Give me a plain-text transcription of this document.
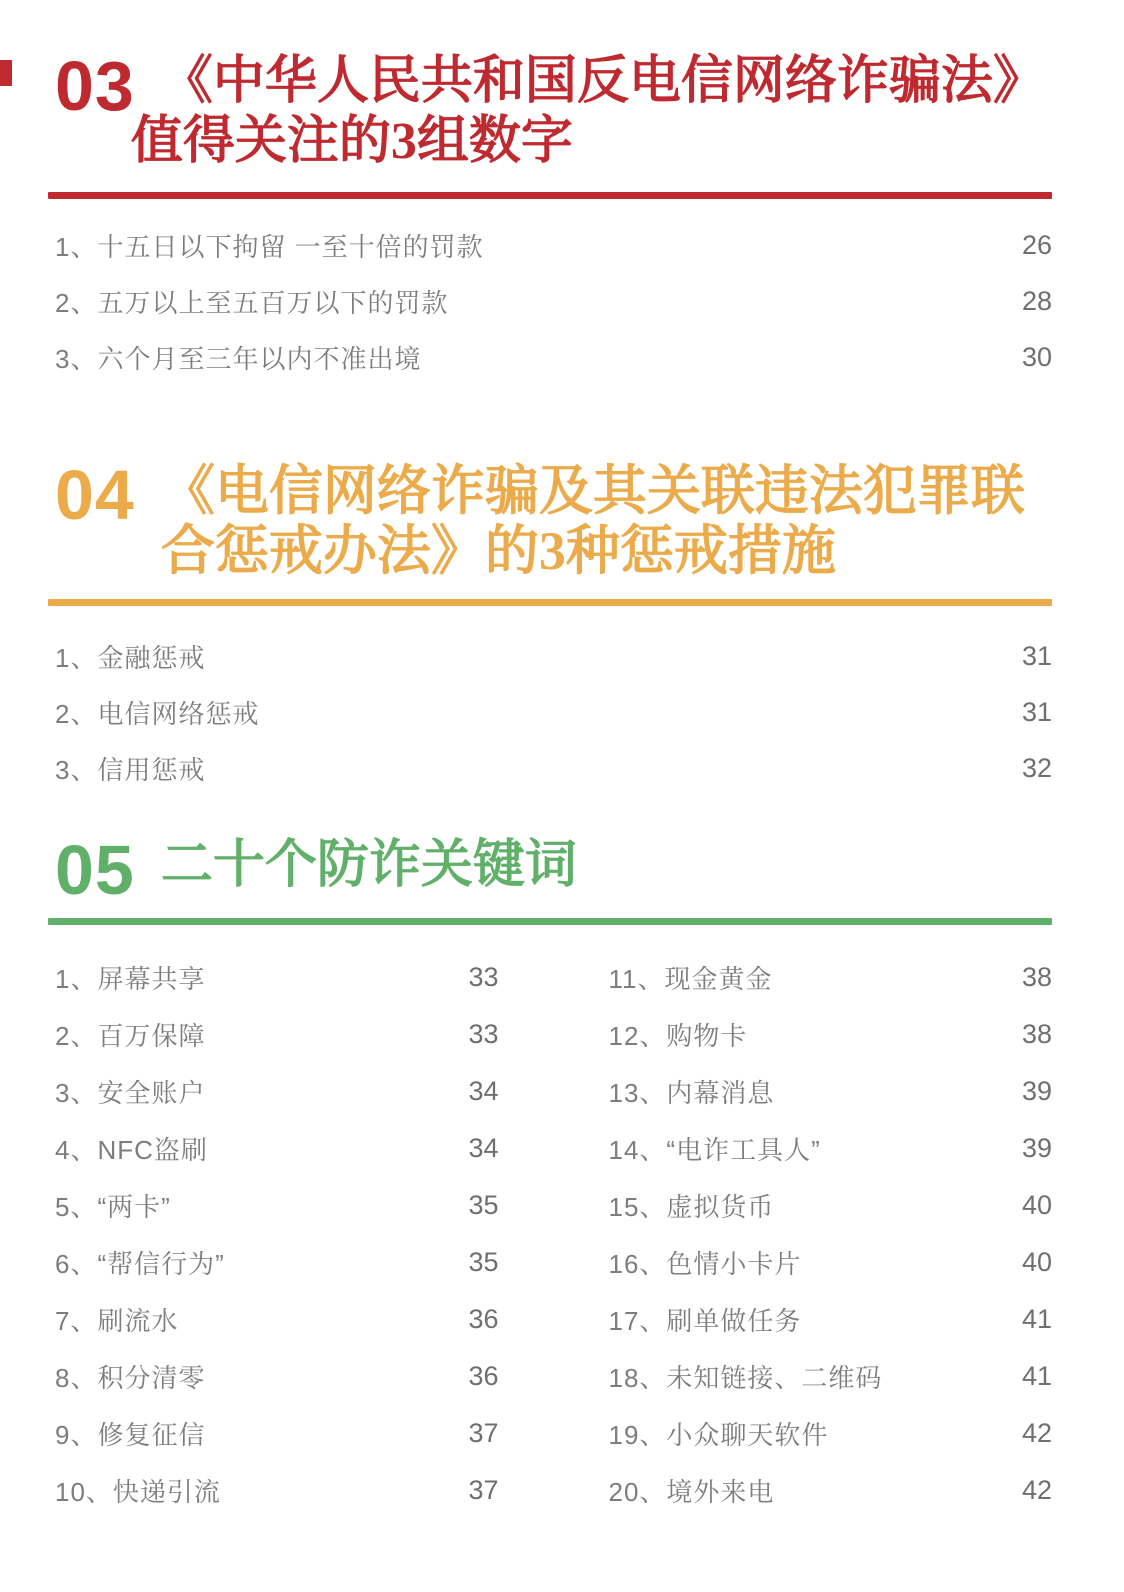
03 《中华人民共和国反电信网络诈骗法》
值得关注的3组数字
1、十五日以下拘留 一至十倍的罚款	26
2、五万以上至五百万以下的罚款	28
3、六个月至三年以内不准出境	30
04 《电信网络诈骗及其关联违法犯罪联
合惩戒办法》的3种惩戒措施
1、金融惩戒	31
2、电信网络惩戒	31
3、信用惩戒	32
05 二十个防诈关键词
1、屏幕共享	33
2、百万保障	33
3、安全账户	34
4、NFC盗刷	34
5、“两卡”	35
6、“帮信行为”	35
7、刷流水	36
8、积分清零	36
9、修复征信	37
10、快递引流	37
11、现金黄金	38
12、购物卡	38
13、内幕消息	39
14、“电诈工具人”	39
15、虚拟货币	40
16、色情小卡片	40
17、刷单做任务	41
18、未知链接、二维码	41
19、小众聊天软件	42
20、境外来电	42
